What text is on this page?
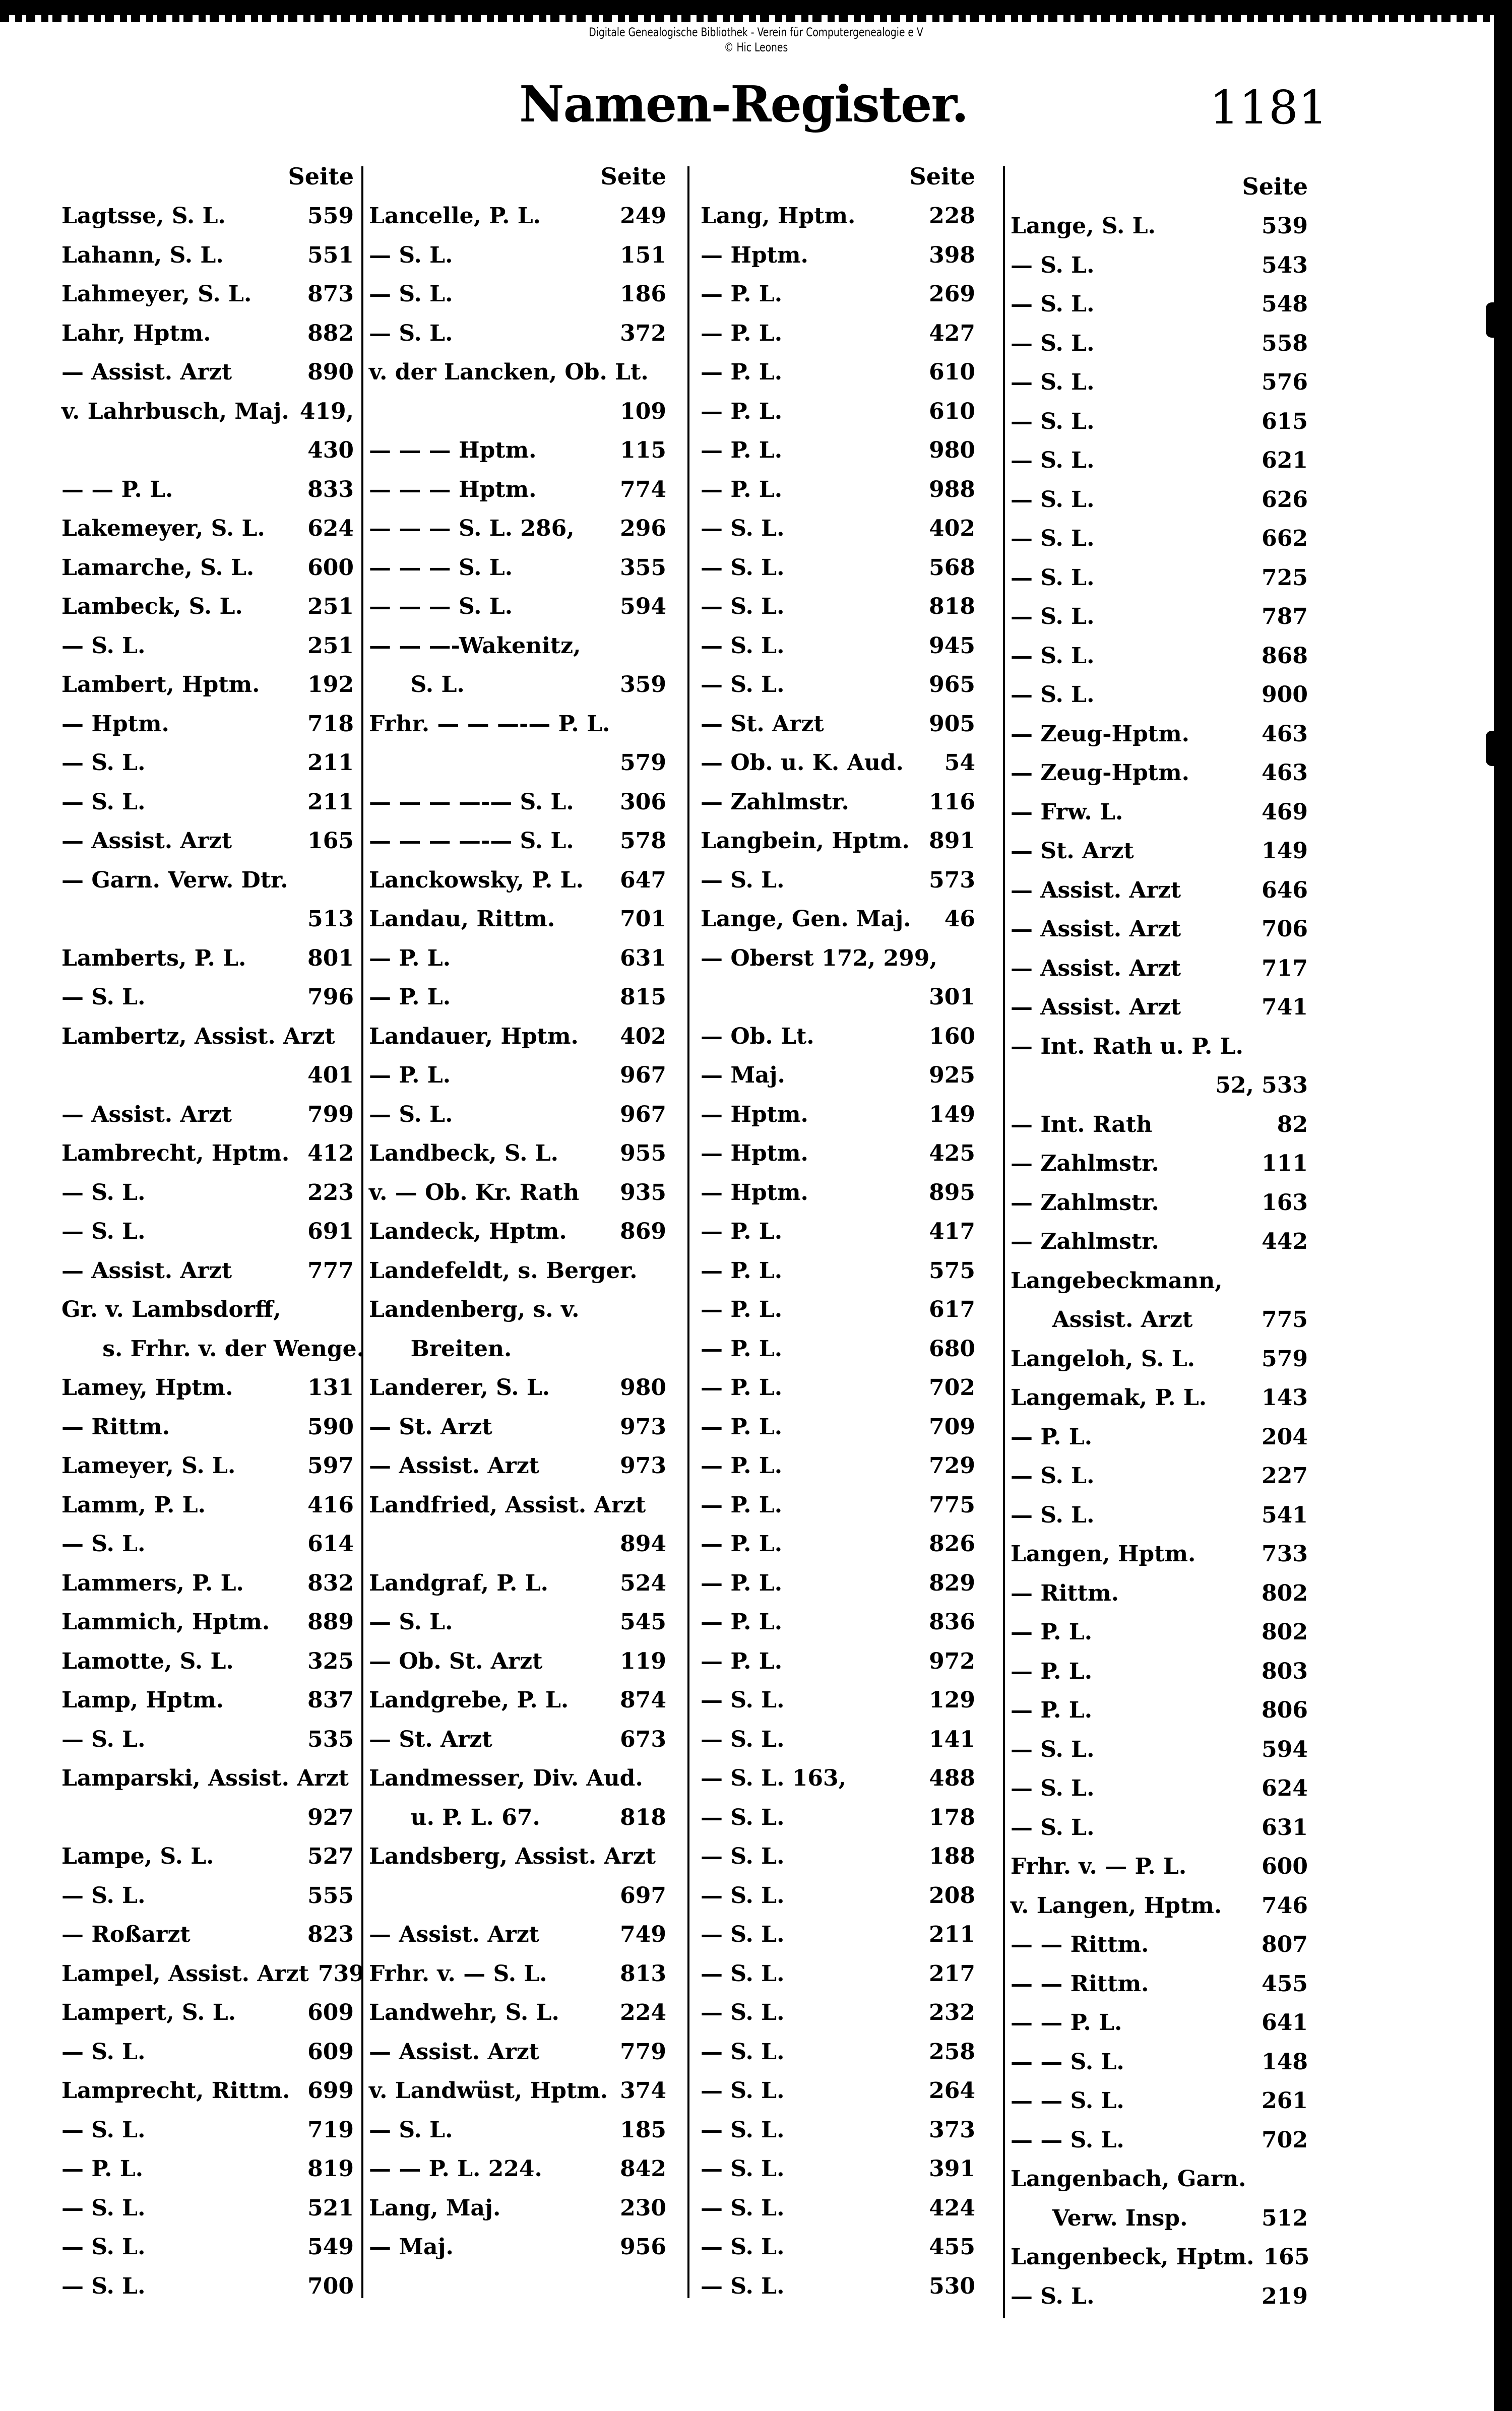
Digitale Genealogische Bibliothek - Verein für Computergenealogie e V
© Hic Leones
Namen-Register.	1181
Seite
Lagtsse, S. L.	559
Lahann, S. L.	551
Lahmeyer, S. L.	873
Lahr, Hptm.	882
— Assist. Arzt	890
v. Lahrbusch, Maj. 419,
430
— — P. L.	833
Lakemeyer, S. L.	624
Lamarche, S. L.	600
Lambeck, S. L.	251
— S. L.	251
Lambert, Hptm.	192
— Hptm.	718
— S. L.	211
— S. L.	211
— Assist. Arzt	165
— Garn. Verw. Dtr.
513
Lamberts, P. L.	801
— S. L.	796
Lambertz, Assist. Arzt
401
— Assist. Arzt	799
Lambrecht, Hptm. 412
— S. L.	223
— S. L.	691
— Assist. Arzt	777
Gr. v. Lambsdorff,
s. Frhr. v. der Wenge.
Lamey, Hptm.	131
— Rittm.	590
Lameyer, S. L.	597
Lamm, P. L.	416
— S. L.	614
Lammers, P. L.	832
Lammich, Hptm.	889
Lamotte, S. L.	325
Lamp, Hptm.	837
— S. L.	535
Lamparski, Assist. Arzt
927
Lampe, S. L.	527
— S. L.	555
— Roßarzt	823
Lampel, Assist. Arzt 739
Lampert, S. L.	609
— S. L.	609
Lamprecht, Rittm. 699
— S. L.	719
— P. L.	819
— S. L.	521
— S. L.	549
— S. L.	700
Seite
Lancelle, P. L.	249
— S. L.	151
— S. L.	186
— S. L.	372
v. der Lancken, Ob. Lt.
109
— — — Hptm.	115
— — — Hptm.	774
— — — S. L. 286,	296
— — — S. L.	355
— — — S. L.	594
— — —-Wakenitz,
S. L.	359
Frhr. — — —-— P. L.
579
— — — —-— S. L.	306
— — — —-— S. L.	578
Lanckowsky, P. L.	647
Landau, Rittm.	701
— P. L.	631
— P. L.	815
Landauer, Hptm.	402
— P. L.	967
— S. L.	967
Landbeck, S. L.	955
v. — Ob. Kr. Rath	935
Landeck, Hptm.	869
Landefeldt, s. Berger.
Landenberg, s. v.
Breiten.
Landerer, S. L.	980
— St. Arzt	973
— Assist. Arzt	973
Landfried, Assist. Arzt
894
Landgraf, P. L.	524
— S. L.	545
— Ob. St. Arzt	119
Landgrebe, P. L.	874
— St. Arzt	673
Landmesser, Div. Aud.
u. P. L. 67.	818
Landsberg, Assist. Arzt
697
— Assist. Arzt	749
Frhr. v. — S. L.	813
Landwehr, S. L.	224
— Assist. Arzt	779
v. Landwüst, Hptm. 374
— S. L.	185
— — P. L. 224.	842
Lang, Maj.	230
— Maj.	956
Seite
Lang, Hptm.	228
— Hptm.	398
— P. L.	269
— P. L.	427
— P. L.	610
— P. L.	610
— P. L.	980
— P. L.	988
— S. L.	402
— S. L.	568
— S. L.	818
— S. L.	945
— S. L.	965
— St. Arzt	905
— Ob. u. K. Aud.	54
— Zahlmstr.	116
Langbein, Hptm. 891
— S. L.	573
Lange, Gen. Maj.	46
— Oberst 172, 299,
301
— Ob. Lt.	160
— Maj.	925
— Hptm.	149
— Hptm.	425
— Hptm.	895
— P. L.	417
— P. L.	575
— P. L.	617
— P. L.	680
— P. L.	702
— P. L.	709
— P. L.	729
— P. L.	775
— P. L.	826
— P. L.	829
— P. L.	836
— P. L.	972
— S. L.	129
— S. L.	141
— S. L. 163,	488
— S. L.	178
— S. L.	188
— S. L.	208
— S. L.	211
— S. L.	217
— S. L.	232
— S. L.	258
— S. L.	264
— S. L.	373
— S. L.	391
— S. L.	424
— S. L.	455
— S. L.	530
Seite
Lange, S. L.	539
— S. L.	543
— S. L.	548
— S. L.	558
— S. L.	576
— S. L.	615
— S. L.	621
— S. L.	626
— S. L.	662
— S. L.	725
— S. L.	787
— S. L.	868
— S. L.	900
— Zeug-Hptm.	463
— Zeug-Hptm.	463
— Frw. L.	469
— St. Arzt	149
— Assist. Arzt	646
— Assist. Arzt	706
— Assist. Arzt	717
— Assist. Arzt	741
— Int. Rath u. P. L.
52, 533
— Int. Rath	82
— Zahlmstr.	111
— Zahlmstr.	163
— Zahlmstr.	442
Langebeckmann,
Assist. Arzt	775
Langeloh, S. L.	579
Langemak, P. L.	143
— P. L.	204
— S. L.	227
— S. L.	541
Langen, Hptm.	733
— Rittm.	802
— P. L.	802
— P. L.	803
— P. L.	806
— S. L.	594
— S. L.	624
— S. L.	631
Frhr. v. — P. L.	600
v. Langen, Hptm.	746
— — Rittm.	807
— — Rittm.	455
— — P. L.	641
— — S. L.	148
— — S. L.	261
— — S. L.	702
Langenbach, Garn.
Verw. Insp.	512
Langenbeck, Hptm. 165
— S. L.	219
